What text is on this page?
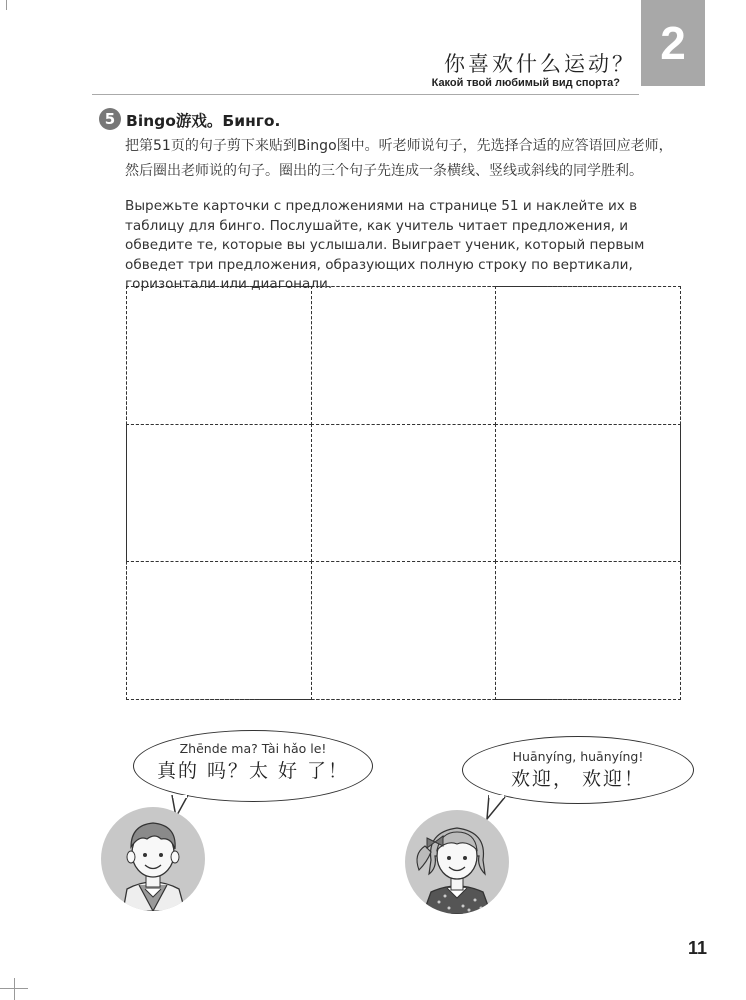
2
你喜欢什么运动？
Какой твой любимый вид спорта?
5 Bingo游戏。Бинго.
把第51页的句子剪下来贴到Bingo图中。听老师说句子，先选择合适的应答语回应老师，然后圈出老师说的句子。圈出的三个句子先连成一条横线、竖线或斜线的同学胜利。
Вырежьте карточки с предложениями на странице 51 и наклейте их в таблицу для бинго. Послушайте, как учитель читает предложения, и обведите те, которые вы услышали. Выиграет ученик, который первым обведет три предложения, образующих полную строку по вертикали, горизонтали или диагонали.
Zhēnde ma? Tài hǎo le!
真的 吗？太 好 了！
Huānyíng, huānyíng!
欢迎， 欢迎！
11
